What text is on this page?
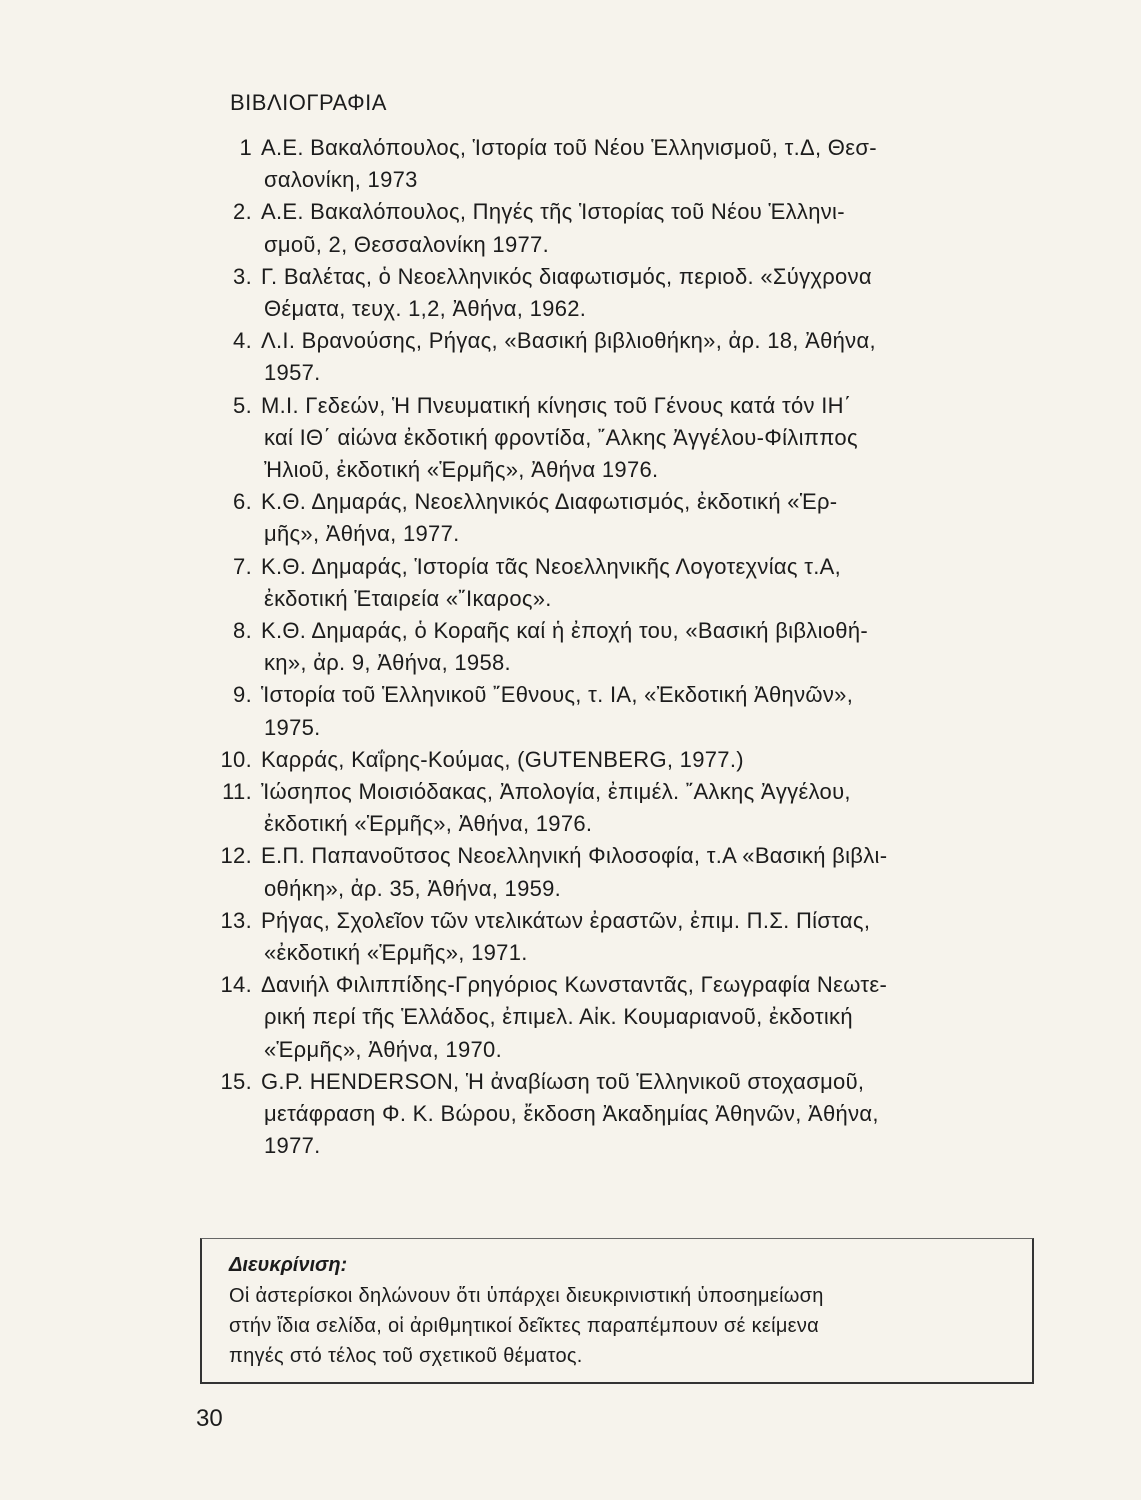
ΒΙΒΛΙΟΓΡΑΦΙΑ
1 Α.Ε. Βακαλόπουλος, Ἱστορία τοῦ Νέου Ἑλληνισμοῦ, τ.Δ, Θεσ-
σαλονίκη, 1973
2. Α.Ε. Βακαλόπουλος, Πηγές τῆς Ἱστορίας τοῦ Νέου Ἑλληνι-
σμοῦ, 2, Θεσσαλονίκη 1977.
3. Γ. Βαλέτας, ὁ Νεοελληνικός διαφωτισμός, περιοδ. «Σύγχρονα
Θέματα, τευχ. 1,2, Ἀθήνα, 1962.
4. Λ.Ι. Βρανούσης, Ρήγας, «Βασική βιβλιοθήκη», ἀρ. 18, Ἀθήνα,
1957.
5. Μ.Ι. Γεδεών, Ἡ Πνευματική κίνησις τοῦ Γένους κατά τόν ΙΗ΄
καί ΙΘ΄ αἰώνα ἐκδοτική φροντίδα, ῎Αλκης Ἀγγέλου-Φίλιππος
Ἠλιοῦ, ἐκδοτική «Ἑρμῆς», Ἀθήνα 1976.
6. Κ.Θ. Δημαράς, Νεοελληνικός Διαφωτισμός, ἐκδοτική «Ἑρ-
μῆς», Ἀθήνα, 1977.
7. Κ.Θ. Δημαράς, Ἱστορία τᾶς Νεοελληνικῆς Λογοτεχνίας τ.Α,
ἐκδοτική Ἑταιρεία «῎Ικαρος».
8. Κ.Θ. Δημαράς, ὁ Κοραῆς καί ἡ ἐποχή του, «Βασική βιβλιοθή-
κη», ἀρ. 9, Ἀθήνα, 1958.
9. Ἱστορία τοῦ Ἑλληνικοῦ ῎Εθνους, τ. ΙΑ, «Ἐκδοτική Ἀθηνῶν»,
1975.
10. Καρράς, Καΐρης-Κούμας, (GUTENBERG, 1977.)
11. Ἰώσηπος Μοισιόδακας, Ἀπολογία, ἐπιμέλ. ῎Αλκης Ἀγγέλου,
ἐκδοτική «Ἑρμῆς», Ἀθήνα, 1976.
12. Ε.Π. Παπανοῦτσος Νεοελληνική Φιλοσοφία, τ.Α «Βασική βιβλι-
οθήκη», ἀρ. 35, Ἀθήνα, 1959.
13. Ρήγας, Σχολεῖον τῶν ντελικάτων ἐραστῶν, ἐπιμ. Π.Σ. Πίστας,
«ἐκδοτική «Ἑρμῆς», 1971.
14. Δανιήλ Φιλιππίδης-Γρηγόριος Κωνσταντᾶς, Γεωγραφία Νεωτε-
ρική περί τῆς Ἑλλάδος, ἐπιμελ. Αἰκ. Κουμαριανοῦ, ἐκδοτική
«Ἑρμῆς», Ἀθήνα, 1970.
15. G.P. HENDERSON, Ἡ ἀναβίωση τοῦ Ἑλληνικοῦ στοχασμοῦ,
μετάφραση Φ. Κ. Βώρου, ἔκδοση Ἀκαδημίας Ἀθηνῶν, Ἀθήνα,
1977.
Διευκρίνιση:
Οἱ ἀστερίσκοι δηλώνουν ὅτι ὑπάρχει διευκρινιστική ὑποσημείωση
στήν ἴδια σελίδα, οἱ ἀριθμητικοί δεῖκτες παραπέμπουν σέ κείμενα
πηγές στό τέλος τοῦ σχετικοῦ θέματος.
30
